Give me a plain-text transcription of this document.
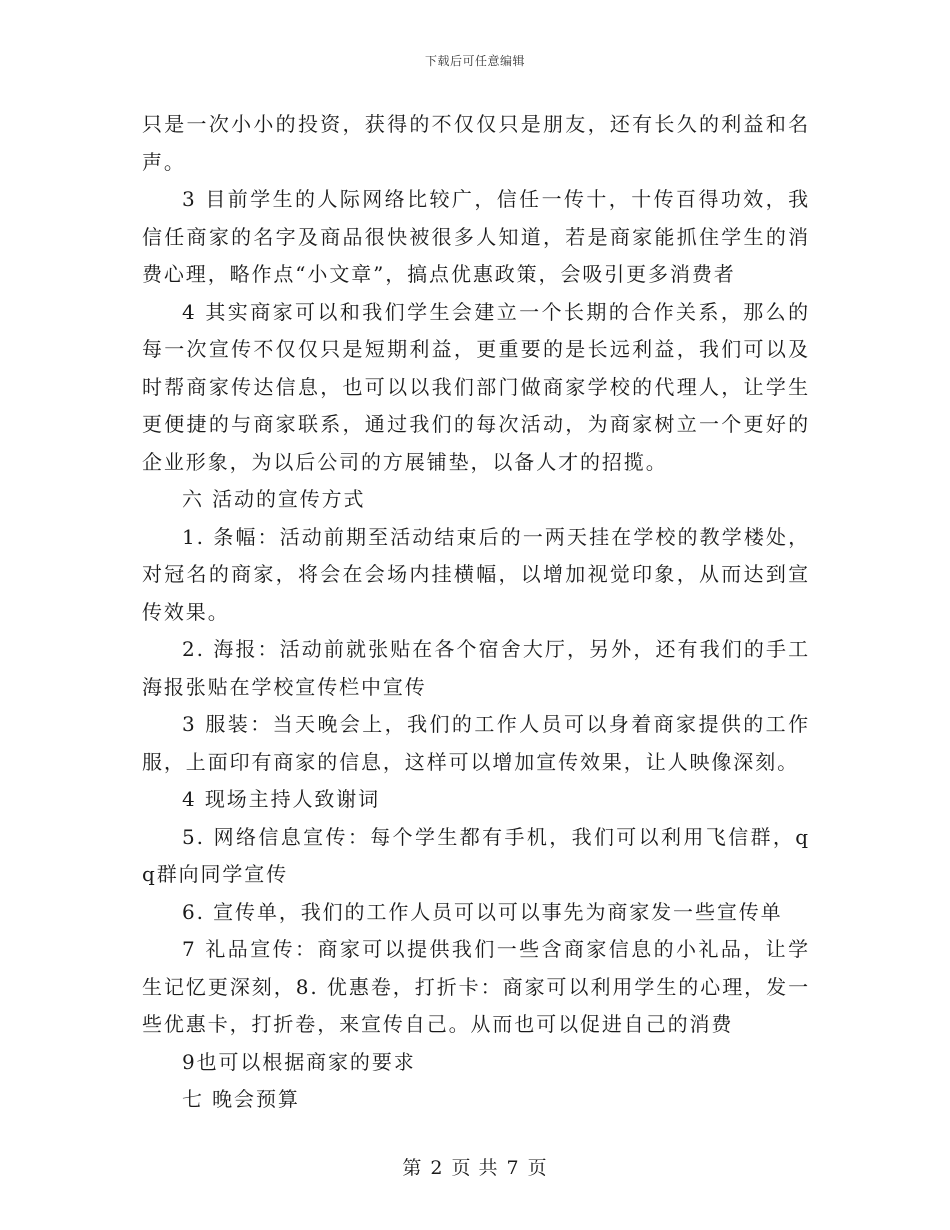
下载后可任意编辑

只是一次小小的投资，获得的不仅仅只是朋友，还有长久的利益和名声。

3 目前学生的人际网络比较广，信任一传十，十传百得功效，我信任商家的名字及商品很快被很多人知道，若是商家能抓住学生的消费心理，略作点“小文章”，搞点优惠政策，会吸引更多消费者

4 其实商家可以和我们学生会建立一个长期的合作关系，那么的每一次宣传不仅仅只是短期利益，更重要的是长远利益，我们可以及时帮商家传达信息，也可以以我们部门做商家学校的代理人，让学生更便捷的与商家联系，通过我们的每次活动，为商家树立一个更好的企业形象，为以后公司的方展铺垫，以备人才的招揽。

六 活动的宣传方式

1. 条幅：活动前期至活动结束后的一两天挂在学校的教学楼处，对冠名的商家，将会在会场内挂横幅，以增加视觉印象，从而达到宣传效果。

2. 海报：活动前就张贴在各个宿舍大厅，另外，还有我们的手工海报张贴在学校宣传栏中宣传

3 服装：当天晚会上，我们的工作人员可以身着商家提供的工作服，上面印有商家的信息，这样可以增加宣传效果，让人映像深刻。

4 现场主持人致谢词

5. 网络信息宣传：每个学生都有手机，我们可以利用飞信群，qq群向同学宣传

6. 宣传单，我们的工作人员可以可以事先为商家发一些宣传单

7 礼品宣传：商家可以提供我们一些含商家信息的小礼品，让学生记忆更深刻，8. 优惠卷，打折卡：商家可以利用学生的心理，发一些优惠卡，打折卷，来宣传自己。从而也可以促进自己的消费

9也可以根据商家的要求

七 晚会预算

第 2 页 共 7 页
